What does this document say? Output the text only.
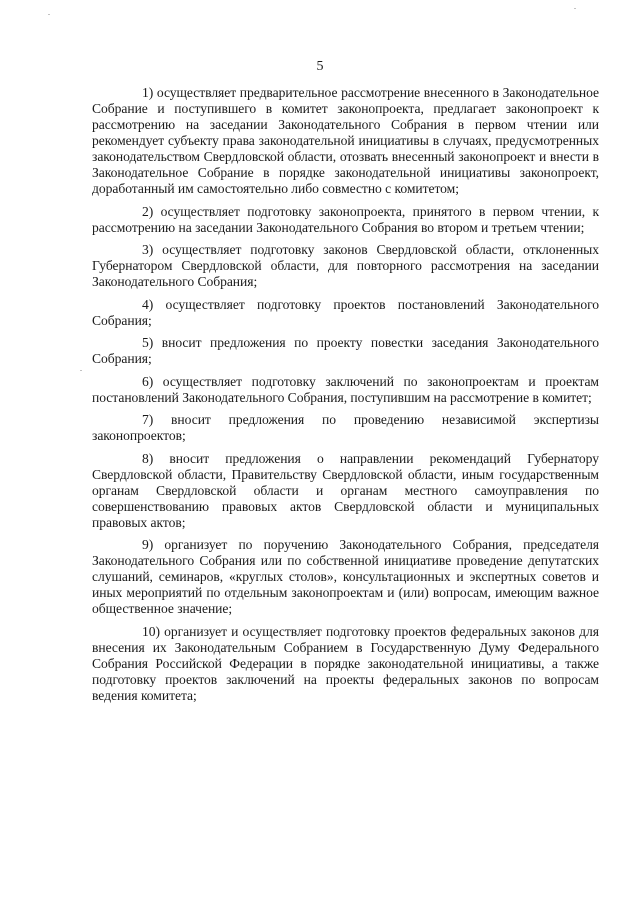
5

1) осуществляет предварительное рассмотрение внесенного в Законодательное Собрание и поступившего в комитет законопроекта, предлагает законопроект к рассмотрению на заседании Законодательного Собрания в первом чтении или рекомендует субъекту права законодательной инициативы в случаях, предусмотренных законодательством Свердловской области, отозвать внесенный законопроект и внести в Законодательное Собрание в порядке законодательной инициативы законопроект, доработанный им самостоятельно либо совместно с комитетом;

2) осуществляет подготовку законопроекта, принятого в первом чтении, к рассмотрению на заседании Законодательного Собрания во втором и третьем чтении;

3) осуществляет подготовку законов Свердловской области, отклоненных Губернатором Свердловской области, для повторного рассмотрения на заседании Законодательного Собрания;

4) осуществляет подготовку проектов постановлений Законодательного Собрания;

5) вносит предложения по проекту повестки заседания Законодательного Собрания;

6) осуществляет подготовку заключений по законопроектам и проектам постановлений Законодательного Собрания, поступившим на рассмотрение в комитет;

7) вносит предложения по проведению независимой экспертизы законопроектов;

8) вносит предложения о направлении рекомендаций Губернатору Свердловской области, Правительству Свердловской области, иным государственным органам Свердловской области и органам местного самоуправления по совершенствованию правовых актов Свердловской области и муниципальных правовых актов;

9) организует по поручению Законодательного Собрания, председателя Законодательного Собрания или по собственной инициативе проведение депутатских слушаний, семинаров, «круглых столов», консультационных и экспертных советов и иных мероприятий по отдельным законопроектам и (или) вопросам, имеющим важное общественное значение;

10) организует и осуществляет подготовку проектов федеральных законов для внесения их Законодательным Собранием в Государственную Думу Федерального Собрания Российской Федерации в порядке законодательной инициативы, а также подготовку проектов заключений на проекты федеральных законов по вопросам ведения комитета;
